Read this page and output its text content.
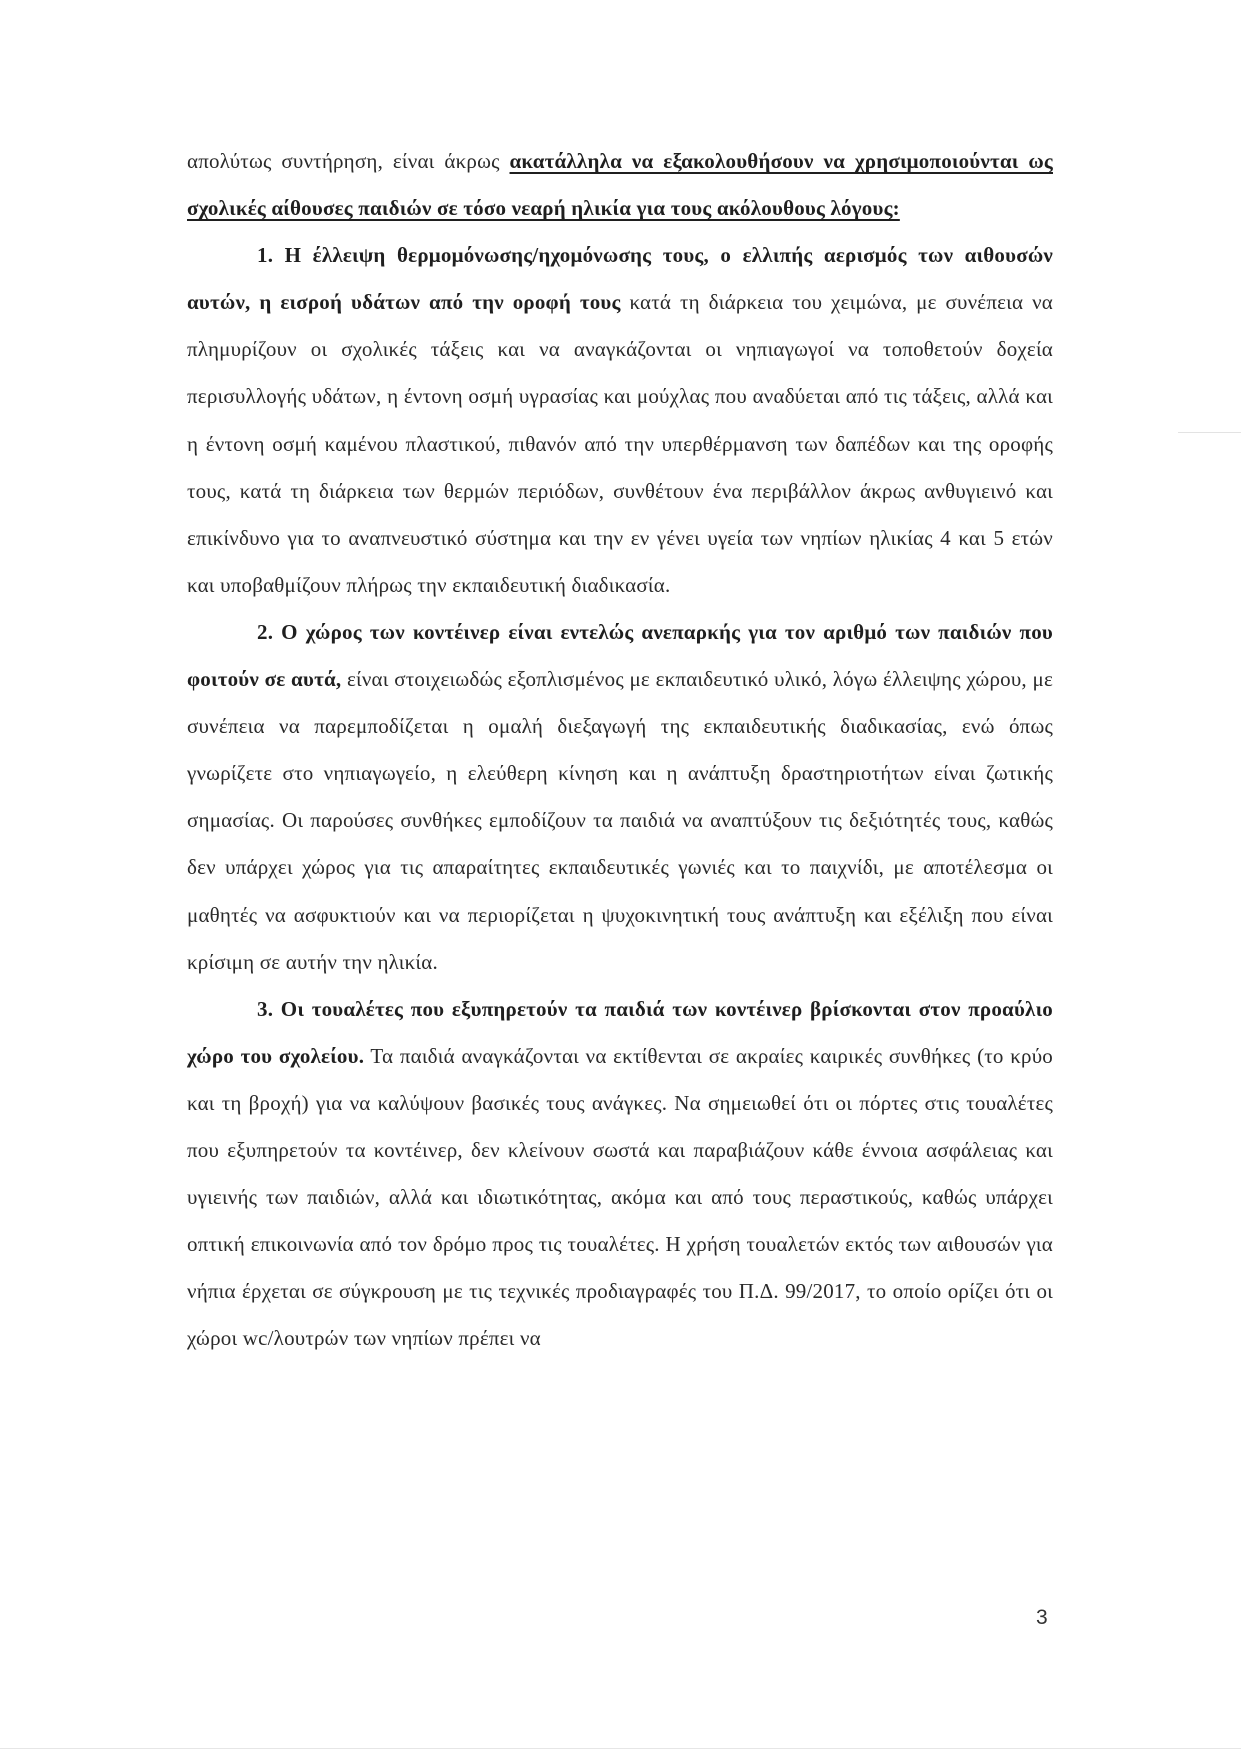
απολύτως συντήρηση, είναι άκρως ακατάλληλα να εξακολουθήσουν να χρησιμοποιούνται ως σχολικές αίθουσες παιδιών σε τόσο νεαρή ηλικία για τους ακόλουθους λόγους:

1. Η έλλειψη θερμομόνωσης/ηχομόνωσης τους, ο ελλιπής αερισμός των αιθουσών αυτών, η εισροή υδάτων από την οροφή τους κατά τη διάρκεια του χειμώνα, με συνέπεια να πλημυρίζουν οι σχολικές τάξεις και να αναγκάζονται οι νηπιαγωγοί να τοποθετούν δοχεία περισυλλογής υδάτων, η έντονη οσμή υγρασίας και μούχλας που αναδύεται από τις τάξεις, αλλά και η έντονη οσμή καμένου πλαστικού, πιθανόν από την υπερθέρμανση των δαπέδων και της οροφής τους, κατά τη διάρκεια των θερμών περιόδων, συνθέτουν ένα περιβάλλον άκρως ανθυγιεινό και επικίνδυνο για το αναπνευστικό σύστημα και την εν γένει υγεία των νηπίων ηλικίας 4 και 5 ετών και υποβαθμίζουν πλήρως την εκπαιδευτική διαδικασία.

2. Ο χώρος των κοντέινερ είναι εντελώς ανεπαρκής για τον αριθμό των παιδιών που φοιτούν σε αυτά, είναι στοιχειωδώς εξοπλισμένος με εκπαιδευτικό υλικό, λόγω έλλειψης χώρου, με συνέπεια να παρεμποδίζεται η ομαλή διεξαγωγή της εκπαιδευτικής διαδικασίας, ενώ όπως γνωρίζετε στο νηπιαγωγείο, η ελεύθερη κίνηση και η ανάπτυξη δραστηριοτήτων είναι ζωτικής σημασίας. Οι παρούσες συνθήκες εμποδίζουν τα παιδιά να αναπτύξουν τις δεξιότητές τους, καθώς δεν υπάρχει χώρος για τις απαραίτητες εκπαιδευτικές γωνιές και το παιχνίδι, με αποτέλεσμα οι μαθητές να ασφυκτιούν και να περιορίζεται η ψυχοκινητική τους ανάπτυξη και εξέλιξη που είναι κρίσιμη σε αυτήν την ηλικία.

3. Οι τουαλέτες που εξυπηρετούν τα παιδιά των κοντέινερ βρίσκονται στον προαύλιο χώρο του σχολείου. Τα παιδιά αναγκάζονται να εκτίθενται σε ακραίες καιρικές συνθήκες (το κρύο και τη βροχή) για να καλύψουν βασικές τους ανάγκες. Να σημειωθεί ότι οι πόρτες στις τουαλέτες που εξυπηρετούν τα κοντέινερ, δεν κλείνουν σωστά και παραβιάζουν κάθε έννοια ασφάλειας και υγιεινής των παιδιών, αλλά και ιδιωτικότητας, ακόμα και από τους περαστικούς, καθώς υπάρχει οπτική επικοινωνία από τον δρόμο προς τις τουαλέτες. Η χρήση τουαλετών εκτός των αιθουσών για νήπια έρχεται σε σύγκρουση με τις τεχνικές προδιαγραφές του Π.Δ. 99/2017, το οποίο ορίζει ότι οι χώροι wc/λουτρών των νηπίων πρέπει να

3
